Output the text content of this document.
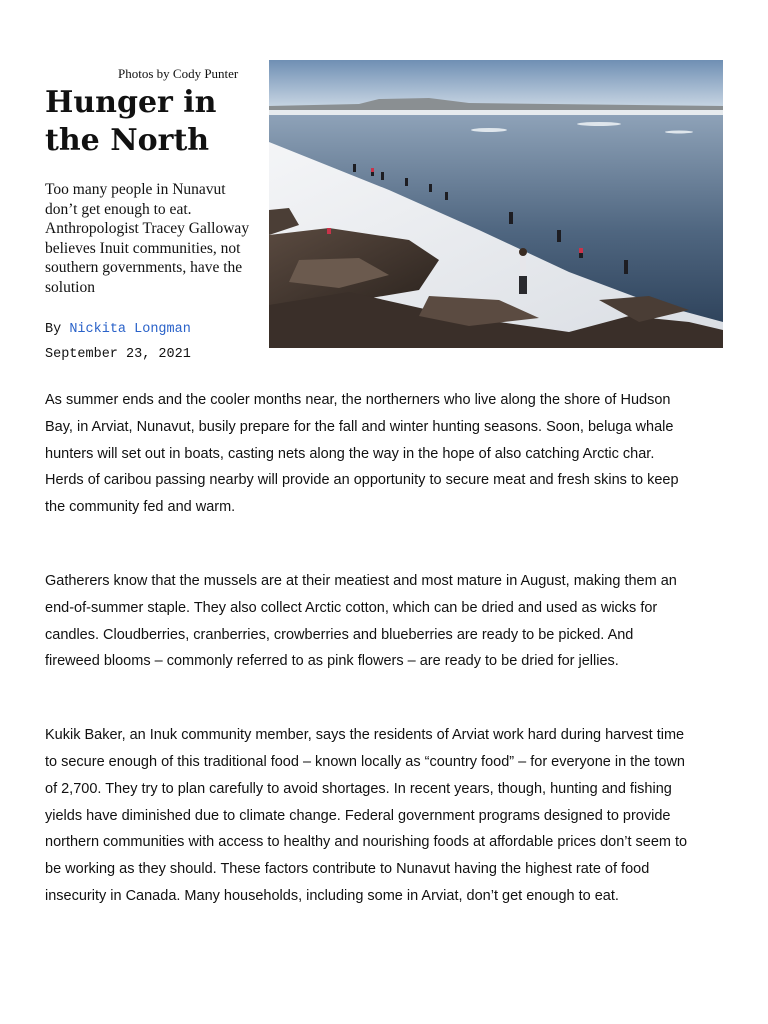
Photos by Cody Punter
Hunger in the North

Too many people in Nunavut don’t get enough to eat. Anthropologist Tracey Galloway believes Inuit communities, not southern governments, have the solution

By Nickita Longman
September 23, 2021

As summer ends and the cooler months near, the northerners who live along the shore of Hudson Bay, in Arviat, Nunavut, busily prepare for the fall and winter hunting seasons. Soon, beluga whale hunters will set out in boats, casting nets along the way in the hope of also catching Arctic char. Herds of caribou passing nearby will provide an opportunity to secure meat and fresh skins to keep the community fed and warm.

Gatherers know that the mussels are at their meatiest and most mature in August, making them an end-of-summer staple. They also collect Arctic cotton, which can be dried and used as wicks for candles. Cloudberries, cranberries, crowberries and blueberries are ready to be picked. And fireweed blooms – commonly referred to as pink flowers – are ready to be dried for jellies.

Kukik Baker, an Inuk community member, says the residents of Arviat work hard during harvest time to secure enough of this traditional food – known locally as “country food” – for everyone in the town of 2,700. They try to plan carefully to avoid shortages. In recent years, though, hunting and fishing yields have diminished due to climate change. Federal government programs designed to provide northern communities with access to healthy and nourishing foods at affordable prices don’t seem to be working as they should. These factors contribute to Nunavut having the highest rate of food insecurity in Canada. Many households, including some in Arviat, don’t get enough to eat.
